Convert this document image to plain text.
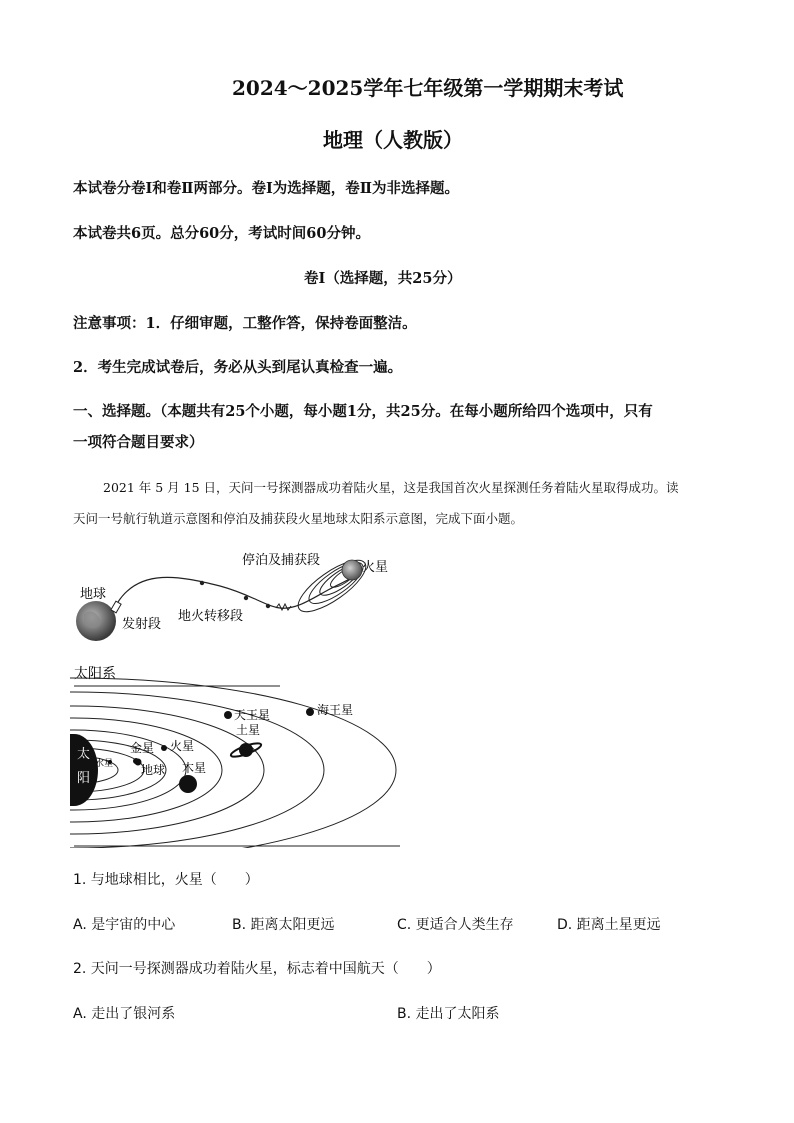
2024～2025学年七年级第一学期期末考试
地理（人教版）
本试卷分卷Ⅰ和卷Ⅱ两部分。卷Ⅰ为选择题，卷Ⅱ为非选择题。
本试卷共6页。总分60分，考试时间60分钟。
卷Ⅰ（选择题，共25分）
注意事项：1．仔细审题，工整作答，保持卷面整洁。
2．考生完成试卷后，务必从头到尾认真检查一遍。
一、选择题。（本题共有25个小题，每小题1分，共25分。在每小题所给四个选项中，只有
一项符合题目要求）
2021 年 5 月 15 日，天问一号探测器成功着陆火星，这是我国首次火星探测任务着陆火星取得成功。读
天问一号航行轨道示意图和停泊及捕获段火星地球太阳系示意图，完成下面小题。
地球
发射段
地火转移段
停泊及捕获段	火星
太阳系
太
阳
水星
金星
地球
火星
木星
土星
天王星	海王星
1. 与地球相比，火星（　　）
A. 是宇宙的中心	B. 距离太阳更远	C. 更适合人类生存	D. 距离土星更远
2. 天问一号探测器成功着陆火星，标志着中国航天（　　）
A. 走出了银河系	B. 走出了太阳系
